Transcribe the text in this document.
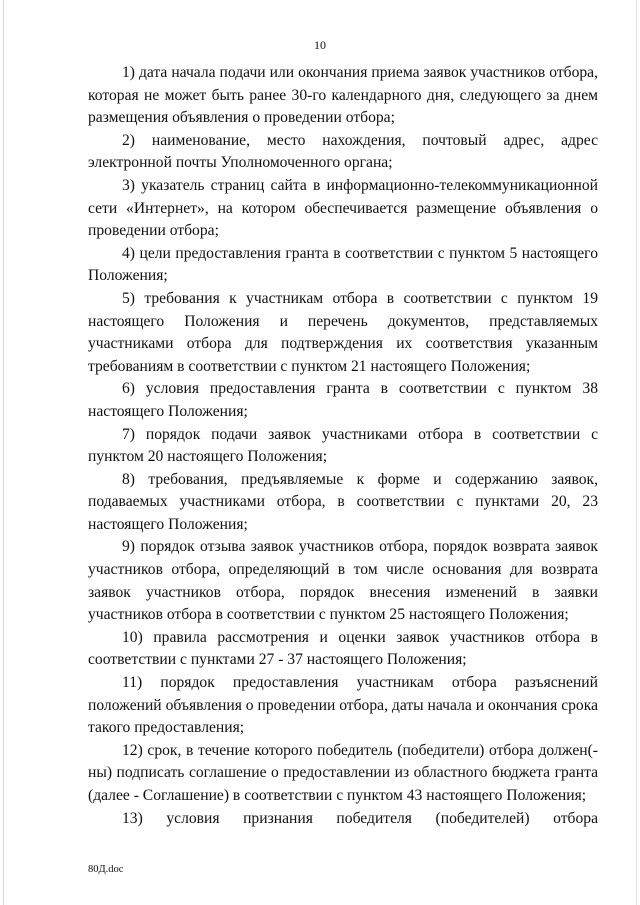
10

1) дата начала подачи или окончания приема заявок участников отбора, которая не может быть ранее 30-го календарного дня, следующего за днем размещения объявления о проведении отбора;

2) наименование, место нахождения, почтовый адрес, адрес электронной почты Уполномоченного органа;

3) указатель страниц сайта в информационно-телекоммуникационной сети «Интернет», на котором обеспечивается размещение объявления о проведении отбора;

4) цели предоставления гранта в соответствии с пунктом 5 настоящего Положения;

5) требования к участникам отбора в соответствии с пунктом 19 настоящего Положения и перечень документов, представляемых участниками отбора для подтверждения их соответствия указанным требованиям в соответствии с пунктом 21 настоящего Положения;

6) условия предоставления гранта в соответствии с пунктом 38 настоящего Положения;

7) порядок подачи заявок участниками отбора в соответствии с пунктом 20 настоящего Положения;

8) требования, предъявляемые к форме и содержанию заявок, подаваемых участниками отбора, в соответствии с пунктами 20, 23 настоящего Положения;

9) порядок отзыва заявок участников отбора, порядок возврата заявок участников отбора, определяющий в том числе основания для возврата заявок участников отбора, порядок внесения изменений в заявки участников отбора в соответствии с пунктом 25 настоящего Положения;

10) правила рассмотрения и оценки заявок участников отбора в соответствии с пунктами 27 - 37 настоящего Положения;

11) порядок предоставления участникам отбора разъяснений положений объявления о проведении отбора, даты начала и окончания срока такого предоставления;

12) срок, в течение которого победитель (победители) отбора должен(-ны) подписать соглашение о предоставлении из областного бюджета гранта (далее - Соглашение) в соответствии с пунктом 43 настоящего Положения;

13) условия признания победителя (победителей) отбора

80Д.doc
